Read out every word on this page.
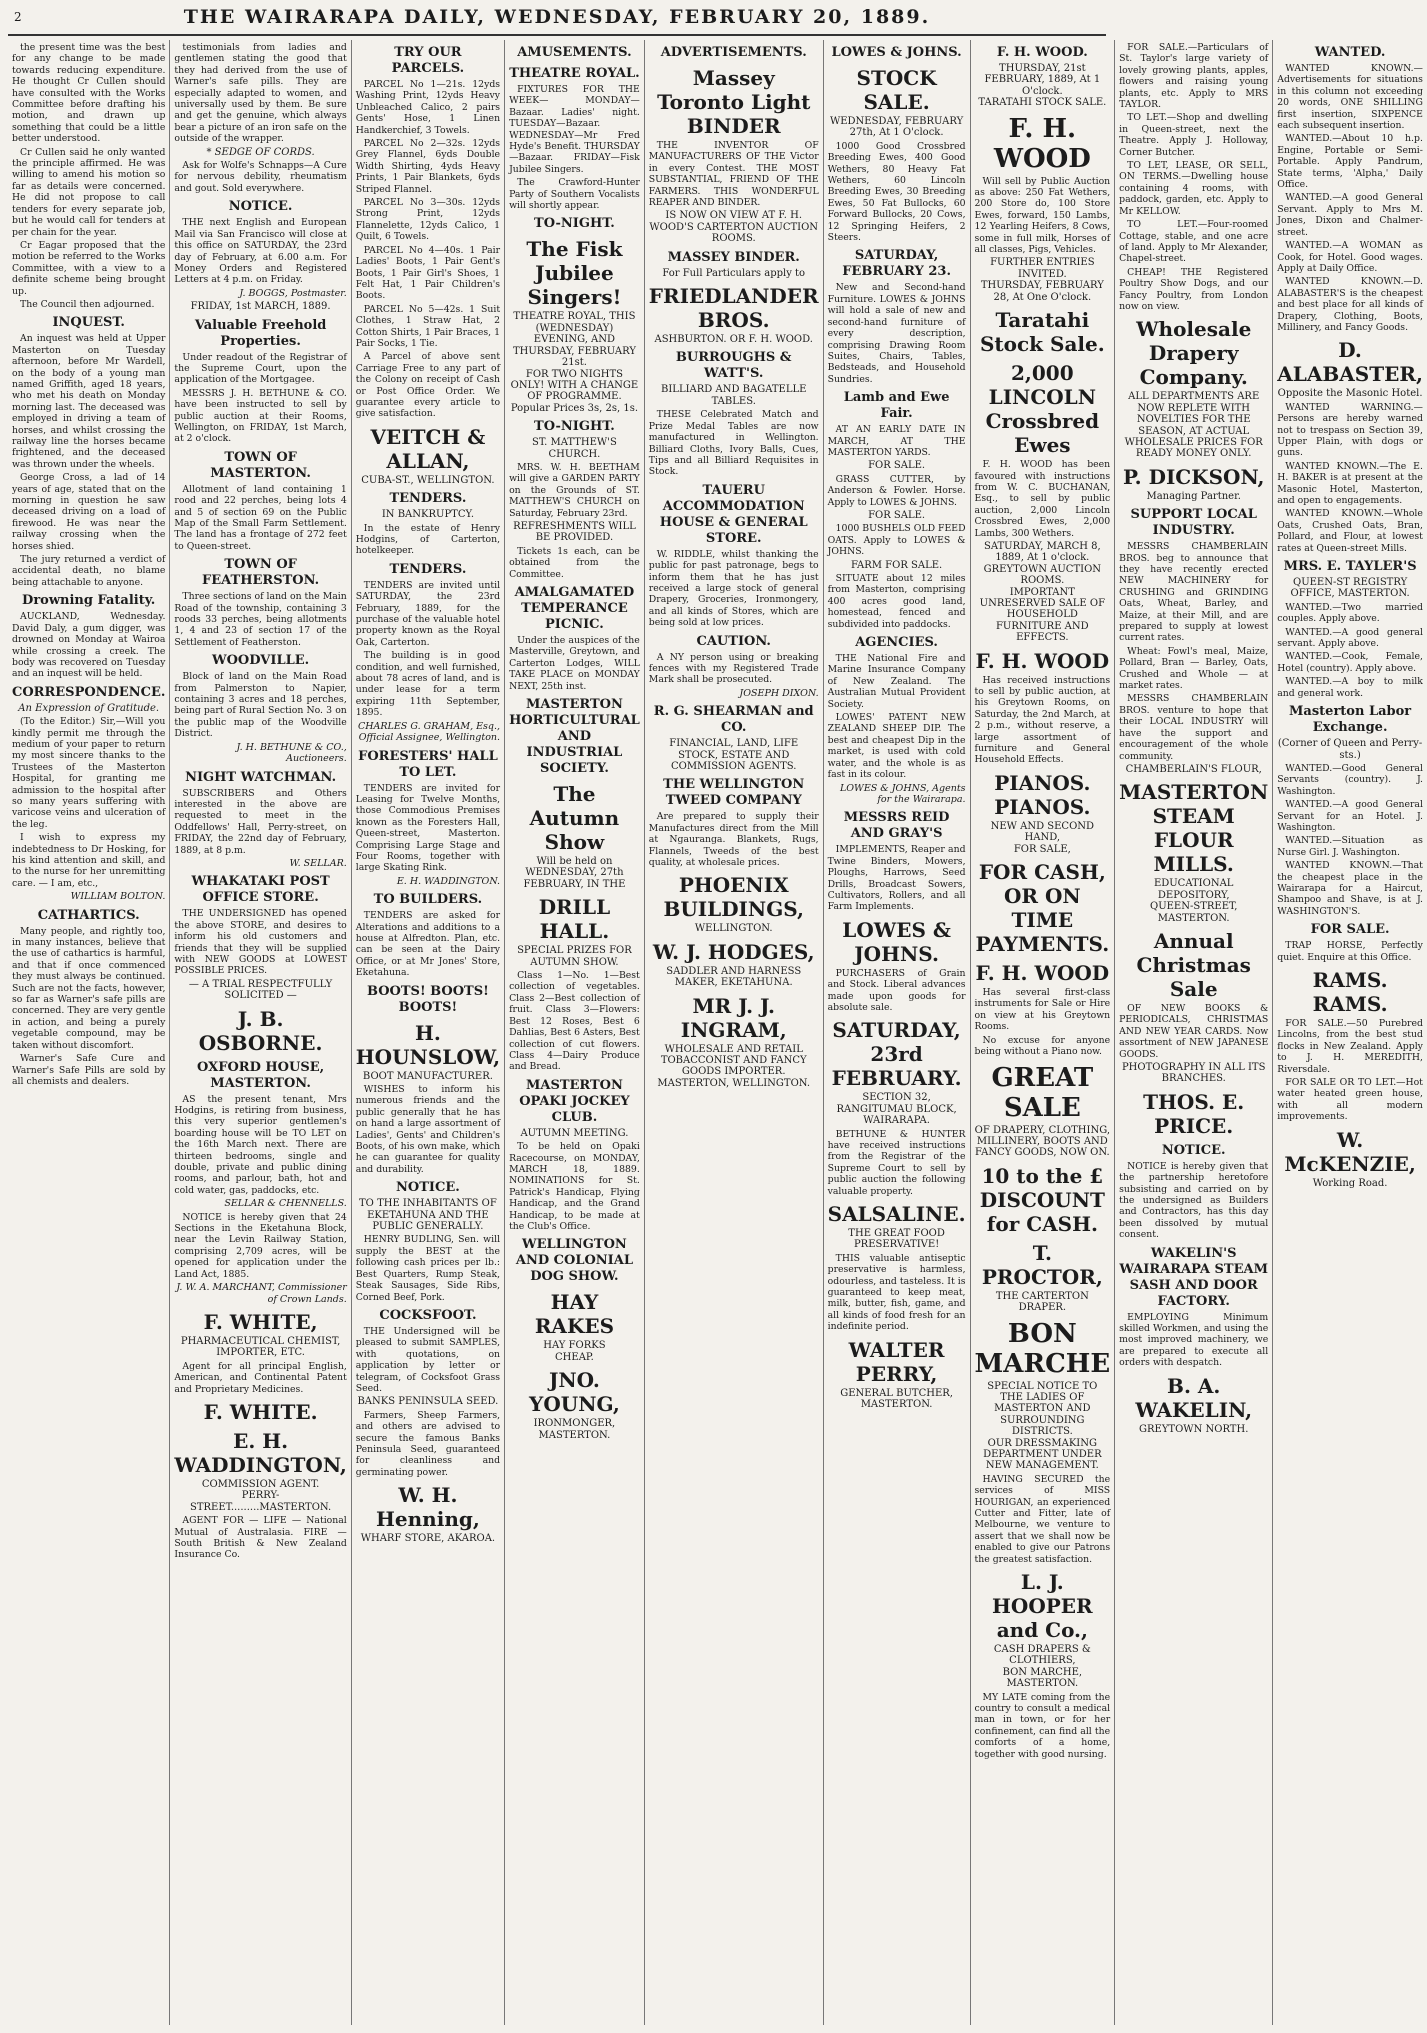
2	THE WAIRARAPA DAILY, WEDNESDAY, FEBRUARY 20, 1889.
the present time was the best for any change to be made towards reducing expenditure. He thought Cr Cullen should have consulted with the Works Committee before drafting his motion, and drawn up something that could be a little better understood.
Cr Cullen said he only wanted the principle affirmed. He was willing to amend his motion so far as details were concerned. He did not propose to call tenders for every separate job, but he would call for tenders at per chain for the year.
Cr Eagar proposed that the motion be referred to the Works Committee, with a view to a definite scheme being brought up.
The Council then adjourned.
INQUEST.
An inquest was held at Upper Masterton on Tuesday afternoon, before Mr Wardell, on the body of a young man named Griffith, aged 18 years, who met his death on Monday morning last. The deceased was employed in driving a team of horses, and whilst crossing the railway line the horses became frightened, and the deceased was thrown under the wheels.
George Cross, a lad of 14 years of age, stated that on the morning in question he saw deceased driving on a load of firewood. He was near the railway crossing when the horses shied.
The jury returned a verdict of accidental death, no blame being attachable to anyone.
Drowning Fatality.
AUCKLAND, Wednesday. David Daly, a gum digger, was drowned on Monday at Wairoa while crossing a creek. The body was recovered on Tuesday and an inquest will be held.
CORRESPONDENCE.
An Expression of Gratitude.
(To the Editor.) Sir,—Will you kindly permit me through the medium of your paper to return my most sincere thanks to the Trustees of the Masterton Hospital, for granting me admission to the hospital after so many years suffering with varicose veins and ulceration of the leg.
I wish to express my indebtedness to Dr Hosking, for his kind attention and skill, and to the nurse for her unremitting care. — I am, etc.,
WILLIAM BOLTON.
CATHARTICS.
Many people, and rightly too, in many instances, believe that the use of cathartics is harmful, and that if once commenced they must always be continued. Such are not the facts, however, so far as Warner's safe pills are concerned. They are very gentle in action, and being a purely vegetable compound, may be taken without discomfort.
Warner's Safe Cure and Warner's Safe Pills are sold by all chemists and dealers.
testimonials from ladies and gentlemen stating the good that they had derived from the use of Warner's safe pills. They are especially adapted to women, and universally used by them. Be sure and get the genuine, which always bear a picture of an iron safe on the outside of the wrapper.
* SEDGE OF CORDS.
Ask for Wolfe's Schnapps—A Cure for nervous debility, rheumatism and gout. Sold everywhere.
NOTICE.
THE next English and European Mail via San Francisco will close at this office on SATURDAY, the 23rd day of February, at 6.00 a.m. For Money Orders and Registered Letters at 4 p.m. on Friday.
J. BOGGS, Postmaster.
FRIDAY, 1st MARCH, 1889.
Valuable Freehold Properties.
Under readout of the Registrar of the Supreme Court, upon the application of the Mortgagee.
MESSRS J. H. BETHUNE & CO. have been instructed to sell by public auction at their Rooms, Wellington, on FRIDAY, 1st March, at 2 o'clock.
TOWN OF MASTERTON.
Allotment of land containing 1 rood and 22 perches, being lots 4 and 5 of section 69 on the Public Map of the Small Farm Settlement. The land has a frontage of 272 feet to Queen-street.
TOWN OF FEATHERSTON.
Three sections of land on the Main Road of the township, containing 3 roods 33 perches, being allotments 1, 4 and 23 of section 17 of the Settlement of Featherston.
WOODVILLE.
Block of land on the Main Road from Palmerston to Napier, containing 3 acres and 18 perches, being part of Rural Section No. 3 on the public map of the Woodville District.
J. H. BETHUNE & CO., Auctioneers.
NIGHT WATCHMAN.
SUBSCRIBERS and Others interested in the above are requested to meet in the Oddfellows' Hall, Perry-street, on FRIDAY, the 22nd day of February, 1889, at 8 p.m.
W. SELLAR.
WHAKATAKI POST OFFICE STORE.
THE UNDERSIGNED has opened the above STORE, and desires to inform his old customers and friends that they will be supplied with NEW GOODS at LOWEST POSSIBLE PRICES.
— A TRIAL RESPECTFULLY SOLICITED —
J. B. OSBORNE.
OXFORD HOUSE, MASTERTON.
AS the present tenant, Mrs Hodgins, is retiring from business, this very superior gentlemen's boarding house will be TO LET on the 16th March next. There are thirteen bedrooms, single and double, private and public dining rooms, and parlour, bath, hot and cold water, gas, paddocks, etc.
SELLAR & CHENNELLS.
NOTICE is hereby given that 24 Sections in the Eketahuna Block, near the Levin Railway Station, comprising 2,709 acres, will be opened for application under the Land Act, 1885.
J. W. A. MARCHANT, Commissioner of Crown Lands.
F. WHITE,
PHARMACEUTICAL CHEMIST, IMPORTER, ETC.
Agent for all principal English, American, and Continental Patent and Proprietary Medicines.
F. WHITE.
E. H. WADDINGTON,
COMMISSION AGENT.
PERRY-STREET.........MASTERTON.
AGENT FOR — LIFE — National Mutual of Australasia. FIRE — South British & New Zealand Insurance Co.
TRY OUR PARCELS.
PARCEL No 1—21s. 12yds Washing Print, 12yds Heavy Unbleached Calico, 2 pairs Gents' Hose, 1 Linen Handkerchief, 3 Towels.
PARCEL No 2—32s. 12yds Grey Flannel, 6yds Double Width Shirting, 4yds Heavy Prints, 1 Pair Blankets, 6yds Striped Flannel.
PARCEL No 3—30s. 12yds Strong Print, 12yds Flannelette, 12yds Calico, 1 Quilt, 6 Towels.
PARCEL No 4—40s. 1 Pair Ladies' Boots, 1 Pair Gent's Boots, 1 Pair Girl's Shoes, 1 Felt Hat, 1 Pair Children's Boots.
PARCEL No 5—42s. 1 Suit Clothes, 1 Straw Hat, 2 Cotton Shirts, 1 Pair Braces, 1 Pair Socks, 1 Tie.
A Parcel of above sent Carriage Free to any part of the Colony on receipt of Cash or Post Office Order. We guarantee every article to give satisfaction.
VEITCH & ALLAN,
CUBA-ST., WELLINGTON.
TENDERS.
IN BANKRUPTCY.
In the estate of Henry Hodgins, of Carterton, hotelkeeper.
TENDERS.
TENDERS are invited until SATURDAY, the 23rd February, 1889, for the purchase of the valuable hotel property known as the Royal Oak, Carterton.
The building is in good condition, and well furnished, about 78 acres of land, and is under lease for a term expiring 11th September, 1895.
CHARLES G. GRAHAM, Esq., Official Assignee, Wellington.
FORESTERS' HALL TO LET.
TENDERS are invited for Leasing for Twelve Months, those Commodious Premises known as the Foresters Hall, Queen-street, Masterton. Comprising Large Stage and Four Rooms, together with large Skating Rink.
E. H. WADDINGTON.
TO BUILDERS.
TENDERS are asked for Alterations and additions to a house at Alfredton. Plan, etc. can be seen at the Dairy Office, or at Mr Jones' Store, Eketahuna.
BOOTS! BOOTS! BOOTS!
H. HOUNSLOW,
BOOT MANUFACTURER.
WISHES to inform his numerous friends and the public generally that he has on hand a large assortment of Ladies', Gents' and Children's Boots, of his own make, which he can guarantee for quality and durability.
NOTICE.
TO THE INHABITANTS OF EKETAHUNA AND THE PUBLIC GENERALLY.
HENRY BUDLING, Sen. will supply the BEST at the following cash prices per lb.: Best Quarters, Rump Steak, Steak Sausages, Side Ribs, Corned Beef, Pork.
COCKSFOOT.
THE Undersigned will be pleased to submit SAMPLES, with quotations, on application by letter or telegram, of Cocksfoot Grass Seed.
BANKS PENINSULA SEED.
Farmers, Sheep Farmers, and others are advised to secure the famous Banks Peninsula Seed, guaranteed for cleanliness and germinating power.
W. H. Henning,
WHARF STORE, AKAROA.
AMUSEMENTS.
THEATRE ROYAL.
FIXTURES FOR THE WEEK— MONDAY—Bazaar. Ladies' night. TUESDAY—Bazaar. WEDNESDAY—Mr Fred Hyde's Benefit. THURSDAY—Bazaar. FRIDAY—Fisk Jubilee Singers.
The Crawford-Hunter Party of Southern Vocalists will shortly appear.
TO-NIGHT.
The Fisk Jubilee Singers!
THEATRE ROYAL, THIS (WEDNESDAY) EVENING, AND THURSDAY, FEBRUARY 21st.
FOR TWO NIGHTS ONLY! WITH A CHANGE OF PROGRAMME.
Popular Prices 3s, 2s, 1s.
TO-NIGHT.
ST. MATTHEW'S CHURCH.
MRS. W. H. BEETHAM will give a GARDEN PARTY on the Grounds of ST. MATTHEW'S CHURCH on Saturday, February 23rd.
REFRESHMENTS WILL BE PROVIDED.
Tickets 1s each, can be obtained from the Committee.
AMALGAMATED TEMPERANCE PICNIC.
Under the auspices of the Masterville, Greytown, and Carterton Lodges, WILL TAKE PLACE on MONDAY NEXT, 25th inst.
MASTERTON HORTICULTURAL AND INDUSTRIAL SOCIETY.
The Autumn Show
Will be held on WEDNESDAY, 27th FEBRUARY, IN THE
DRILL HALL.
SPECIAL PRIZES FOR AUTUMN SHOW.
Class 1—No. 1—Best collection of vegetables. Class 2—Best collection of fruit. Class 3—Flowers: Best 12 Roses, Best 6 Dahlias, Best 6 Asters, Best collection of cut flowers. Class 4—Dairy Produce and Bread.
MASTERTON OPAKI JOCKEY CLUB.
AUTUMN MEETING.
To be held on Opaki Racecourse, on MONDAY, MARCH 18, 1889. NOMINATIONS for St. Patrick's Handicap, Flying Handicap, and the Grand Handicap, to be made at the Club's Office.
WELLINGTON AND COLONIAL DOG SHOW.
HAY RAKES
HAY FORKS
CHEAP.
JNO. YOUNG,
IRONMONGER,
MASTERTON.
ADVERTISEMENTS.
Massey Toronto Light BINDER
THE INVENTOR OF MANUFACTURERS OF THE Victor in every Contest. THE MOST SUBSTANTIAL, FRIEND OF THE FARMERS. THIS WONDERFUL REAPER AND BINDER.
IS NOW ON VIEW AT F. H. WOOD'S CARTERTON AUCTION ROOMS.
MASSEY BINDER.
For Full Particulars apply to
FRIEDLANDER BROS.
ASHBURTON. OR F. H. WOOD.
BURROUGHS & WATT'S.
BILLIARD AND BAGATELLE TABLES.
THESE Celebrated Match and Prize Medal Tables are now manufactured in Wellington. Billiard Cloths, Ivory Balls, Cues, Tips and all Billiard Requisites in Stock.
TAUERU ACCOMMODATION HOUSE & GENERAL STORE.
W. RIDDLE, whilst thanking the public for past patronage, begs to inform them that he has just received a large stock of general Drapery, Groceries, Ironmongery, and all kinds of Stores, which are being sold at low prices.
CAUTION.
A NY person using or breaking fences with my Registered Trade Mark shall be prosecuted.
JOSEPH DIXON.
R. G. SHEARMAN and CO.
FINANCIAL, LAND, LIFE STOCK, ESTATE AND COMMISSION AGENTS.
THE WELLINGTON TWEED COMPANY
Are prepared to supply their Manufactures direct from the Mill at Ngauranga. Blankets, Rugs, Flannels, Tweeds of the best quality, at wholesale prices.
PHOENIX BUILDINGS,
WELLINGTON.
W. J. HODGES,
SADDLER AND HARNESS MAKER, EKETAHUNA.
MR J. J. INGRAM,
WHOLESALE AND RETAIL TOBACCONIST AND FANCY GOODS IMPORTER.
MASTERTON, WELLINGTON.
LOWES & JOHNS.
STOCK SALE.
WEDNESDAY, FEBRUARY 27th, At 1 O'clock.
1000 Good Crossbred Breeding Ewes, 400 Good Wethers, 80 Heavy Fat Wethers, 60 Lincoln Breeding Ewes, 30 Breeding Ewes, 50 Fat Bullocks, 60 Forward Bullocks, 20 Cows, 12 Springing Heifers, 2 Steers.
SATURDAY, FEBRUARY 23.
New and Second-hand Furniture. LOWES & JOHNS will hold a sale of new and second-hand furniture of every description, comprising Drawing Room Suites, Chairs, Tables, Bedsteads, and Household Sundries.
Lamb and Ewe Fair.
AT AN EARLY DATE IN MARCH, AT THE MASTERTON YARDS.
FOR SALE.
GRASS CUTTER, by Anderson & Fowler. Horse. Apply to LOWES & JOHNS.
FOR SALE.
1000 BUSHELS OLD FEED OATS. Apply to LOWES & JOHNS.
FARM FOR SALE.
SITUATE about 12 miles from Masterton, comprising 400 acres good land, homestead, fenced and subdivided into paddocks.
AGENCIES.
THE National Fire and Marine Insurance Company of New Zealand. The Australian Mutual Provident Society.
LOWES' PATENT NEW ZEALAND SHEEP DIP. The best and cheapest Dip in the market, is used with cold water, and the whole is as fast in its colour.
LOWES & JOHNS, Agents for the Wairarapa.
MESSRS REID AND GRAY'S
IMPLEMENTS, Reaper and Twine Binders, Mowers, Ploughs, Harrows, Seed Drills, Broadcast Sowers, Cultivators, Rollers, and all Farm Implements.
LOWES & JOHNS.
PURCHASERS of Grain and Stock. Liberal advances made upon goods for absolute sale.
SATURDAY, 23rd FEBRUARY.
SECTION 32, RANGITUMAU BLOCK, WAIRARAPA.
BETHUNE & HUNTER have received instructions from the Registrar of the Supreme Court to sell by public auction the following valuable property.
SALSALINE.
THE GREAT FOOD PRESERVATIVE!
THIS valuable antiseptic preservative is harmless, odourless, and tasteless. It is guaranteed to keep meat, milk, butter, fish, game, and all kinds of food fresh for an indefinite period.
WALTER PERRY,
GENERAL BUTCHER, MASTERTON.
F. H. WOOD.
THURSDAY, 21st FEBRUARY, 1889, At 1 O'clock.
TARATAHI STOCK SALE.
F. H. WOOD
Will sell by Public Auction as above: 250 Fat Wethers, 200 Store do, 100 Store Ewes, forward, 150 Lambs, 12 Yearling Heifers, 8 Cows, some in full milk, Horses of all classes, Pigs, Vehicles.
FURTHER ENTRIES INVITED.
THURSDAY, FEBRUARY 28, At One O'clock.
Taratahi Stock Sale.
2,000 LINCOLN Crossbred Ewes
F. H. WOOD has been favoured with instructions from W. C. BUCHANAN, Esq., to sell by public auction, 2,000 Lincoln Crossbred Ewes, 2,000 Lambs, 300 Wethers.
SATURDAY, MARCH 8, 1889, At 1 o'clock.
GREYTOWN AUCTION ROOMS.
IMPORTANT UNRESERVED SALE OF HOUSEHOLD FURNITURE AND EFFECTS.
F. H. WOOD
Has received instructions to sell by public auction, at his Greytown Rooms, on Saturday, the 2nd March, at 2 p.m., without reserve, a large assortment of furniture and General Household Effects.
PIANOS. PIANOS.
NEW AND SECOND HAND,
FOR SALE,
FOR CASH, OR ON TIME PAYMENTS.
F. H. WOOD
Has several first-class instruments for Sale or Hire on view at his Greytown Rooms.
No excuse for anyone being without a Piano now.
GREAT SALE
OF DRAPERY, CLOTHING, MILLINERY, BOOTS AND FANCY GOODS, NOW ON.
10 to the £ DISCOUNT for CASH.
T. PROCTOR,
THE CARTERTON DRAPER.
BON MARCHE
SPECIAL NOTICE TO THE LADIES OF MASTERTON AND SURROUNDING DISTRICTS.
OUR DRESSMAKING DEPARTMENT UNDER NEW MANAGEMENT.
HAVING SECURED the services of MISS HOURIGAN, an experienced Cutter and Fitter, late of Melbourne, we venture to assert that we shall now be enabled to give our Patrons the greatest satisfaction.
L. J. HOOPER and Co.,
CASH DRAPERS & CLOTHIERS,
BON MARCHE, MASTERTON.
MY LATE coming from the country to consult a medical man in town, or for her confinement, can find all the comforts of a home, together with good nursing.
FOR SALE.—Particulars of St. Taylor's large variety of lovely growing plants, apples, flowers and raising young plants, etc. Apply to MRS TAYLOR.
TO LET.—Shop and dwelling in Queen-street, next the Theatre. Apply J. Holloway, Corner Butcher.
TO LET, LEASE, OR SELL, ON TERMS.—Dwelling house containing 4 rooms, with paddock, garden, etc. Apply to Mr KELLOW.
TO LET.—Four-roomed Cottage, stable, and one acre of land. Apply to Mr Alexander, Chapel-street.
CHEAP! THE Registered Poultry Show Dogs, and our Fancy Poultry, from London now on view.
Wholesale Drapery Company.
ALL DEPARTMENTS ARE NOW REPLETE WITH NOVELTIES FOR THE SEASON, AT ACTUAL WHOLESALE PRICES FOR READY MONEY ONLY.
P. DICKSON,
Managing Partner.
SUPPORT LOCAL INDUSTRY.
MESSRS CHAMBERLAIN BROS. beg to announce that they have recently erected NEW MACHINERY for CRUSHING and GRINDING Oats, Wheat, Barley, and Maize, at their Mill, and are prepared to supply at lowest current rates.
Wheat: Fowl's meal, Maize, Pollard, Bran — Barley, Oats, Crushed and Whole — at market rates.
MESSRS CHAMBERLAIN BROS. venture to hope that their LOCAL INDUSTRY will have the support and encouragement of the whole community.
CHAMBERLAIN'S FLOUR,
MASTERTON STEAM FLOUR MILLS.
EDUCATIONAL DEPOSITORY,
QUEEN-STREET, MASTERTON.
Annual Christmas Sale
OF NEW BOOKS & PERIODICALS, CHRISTMAS AND NEW YEAR CARDS. Now assortment of NEW JAPANESE GOODS.
PHOTOGRAPHY IN ALL ITS BRANCHES.
THOS. E. PRICE.
NOTICE.
NOTICE is hereby given that the partnership heretofore subsisting and carried on by the undersigned as Builders and Contractors, has this day been dissolved by mutual consent.
WAKELIN'S WAIRARAPA STEAM SASH AND DOOR FACTORY.
EMPLOYING Minimum skilled Workmen, and using the most improved machinery, we are prepared to execute all orders with despatch.
B. A. WAKELIN,
GREYTOWN NORTH.
WANTED.
WANTED KNOWN.—Advertisements for situations in this column not exceeding 20 words, ONE SHILLING first insertion, SIXPENCE each subsequent insertion.
WANTED.—About 10 h.p. Engine, Portable or Semi-Portable. Apply Pandrum, State terms, 'Alpha,' Daily Office.
WANTED.—A good General Servant. Apply to Mrs M. Jones, Dixon and Chalmer-street.
WANTED.—A WOMAN as Cook, for Hotel. Good wages. Apply at Daily Office.
WANTED KNOWN.—D. ALABASTER'S is the cheapest and best place for all kinds of Drapery, Clothing, Boots, Millinery, and Fancy Goods.
D. ALABASTER,
Opposite the Masonic Hotel.
WANTED WARNING.—Persons are hereby warned not to trespass on Section 39, Upper Plain, with dogs or guns.
WANTED KNOWN.—The E. H. BAKER is at present at the Masonic Hotel, Masterton, and open to engagements.
WANTED KNOWN.—Whole Oats, Crushed Oats, Bran, Pollard, and Flour, at lowest rates at Queen-street Mills.
MRS. E. TAYLER'S
QUEEN-ST REGISTRY OFFICE, MASTERTON.
WANTED.—Two married couples. Apply above.
WANTED.—A good general servant. Apply above.
WANTED.—Cook, Female, Hotel (country). Apply above.
WANTED.—A boy to milk and general work.
Masterton Labor Exchange.
(Corner of Queen and Perry-sts.)
WANTED.—Good General Servants (country). J. Washington.
WANTED.—A good General Servant for an Hotel. J. Washington.
WANTED.—Situation as Nurse Girl. J. Washington.
WANTED KNOWN.—That the cheapest place in the Wairarapa for a Haircut, Shampoo and Shave, is at J. WASHINGTON'S.
FOR SALE.
TRAP HORSE, Perfectly quiet. Enquire at this Office.
RAMS. RAMS.
FOR SALE.—50 Purebred Lincolns, from the best stud flocks in New Zealand. Apply to J. H. MEREDITH, Riversdale.
FOR SALE OR TO LET.—Hot water heated green house, with all modern improvements.
W. McKENZIE,
Working Road.
